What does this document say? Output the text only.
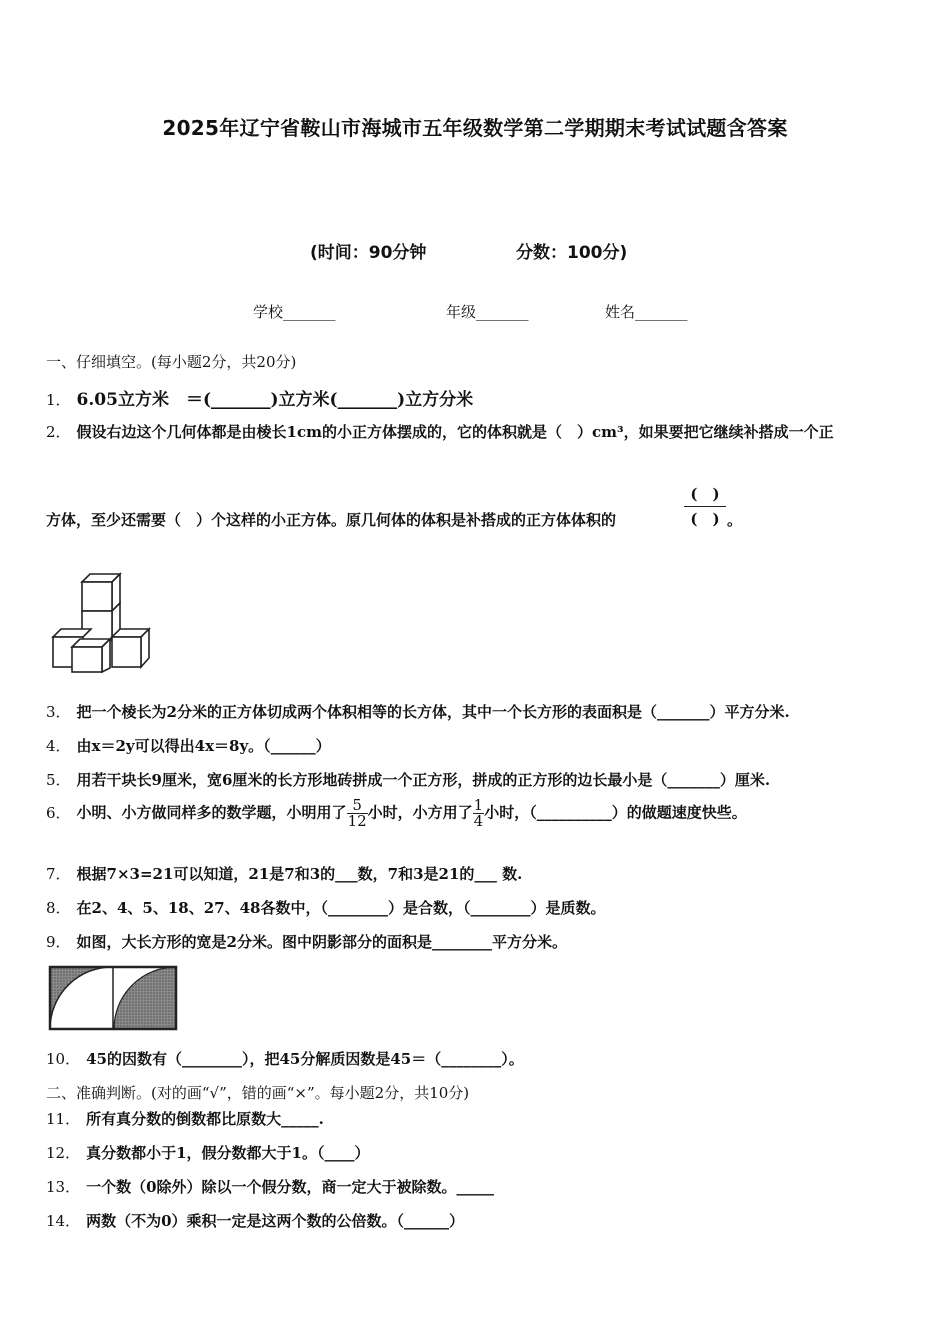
2025年辽宁省鞍山市海城市五年级数学第二学期期末考试试题含答案
(时间：90分钟	分数：100分)
学校_______	年级_______	姓名_______
一、仔细填空。(每小题2分，共20分)
1． 6.05立方米　＝(_______)立方米(_______)立方分米
2． 假设右边这个几何体都是由棱长1cm的小正方体摆成的，它的体积就是（　）cm³，如果要把它继续补搭成一个正
方体，至少还需要（　）个这样的小正方体。原几何体的体积是补搭成的正方体体积的
(　)
(　) 。
3． 把一个棱长为2分米的正方体切成两个体积相等的长方体，其中一个长方形的表面积是（_______）平方分米.
4． 由x＝2y可以得出4x＝8y。（______）
5． 用若干块长9厘米，宽6厘米的长方形地砖拼成一个正方形，拼成的正方形的边长最小是（_______）厘米.
6． 小明、小方做同样多的数学题，小明用了 $\frac{5}{12}$ 小时，小方用了 $\frac{1}{4}$ 小时，（__________）的做题速度快些。
7． 根据7×3=21可以知道，21是7和3的___数，7和3是21的___ 数.
8． 在2、4、5、18、27、48各数中，（________）是合数，（________）是质数。
9． 如图，大长方形的宽是2分米。图中阴影部分的面积是________平方分米。
10． 45的因数有（________），把45分解质因数是45＝（________）。
二、准确判断。(对的画“√”，错的画“×”。每小题2分，共10分)
11． 所有真分数的倒数都比原数大_____.
12． 真分数都小于1，假分数都大于1。（____）
13． 一个数（0除外）除以一个假分数，商一定大于被除数。_____
14． 两数（不为0）乘积一定是这两个数的公倍数。（______）
